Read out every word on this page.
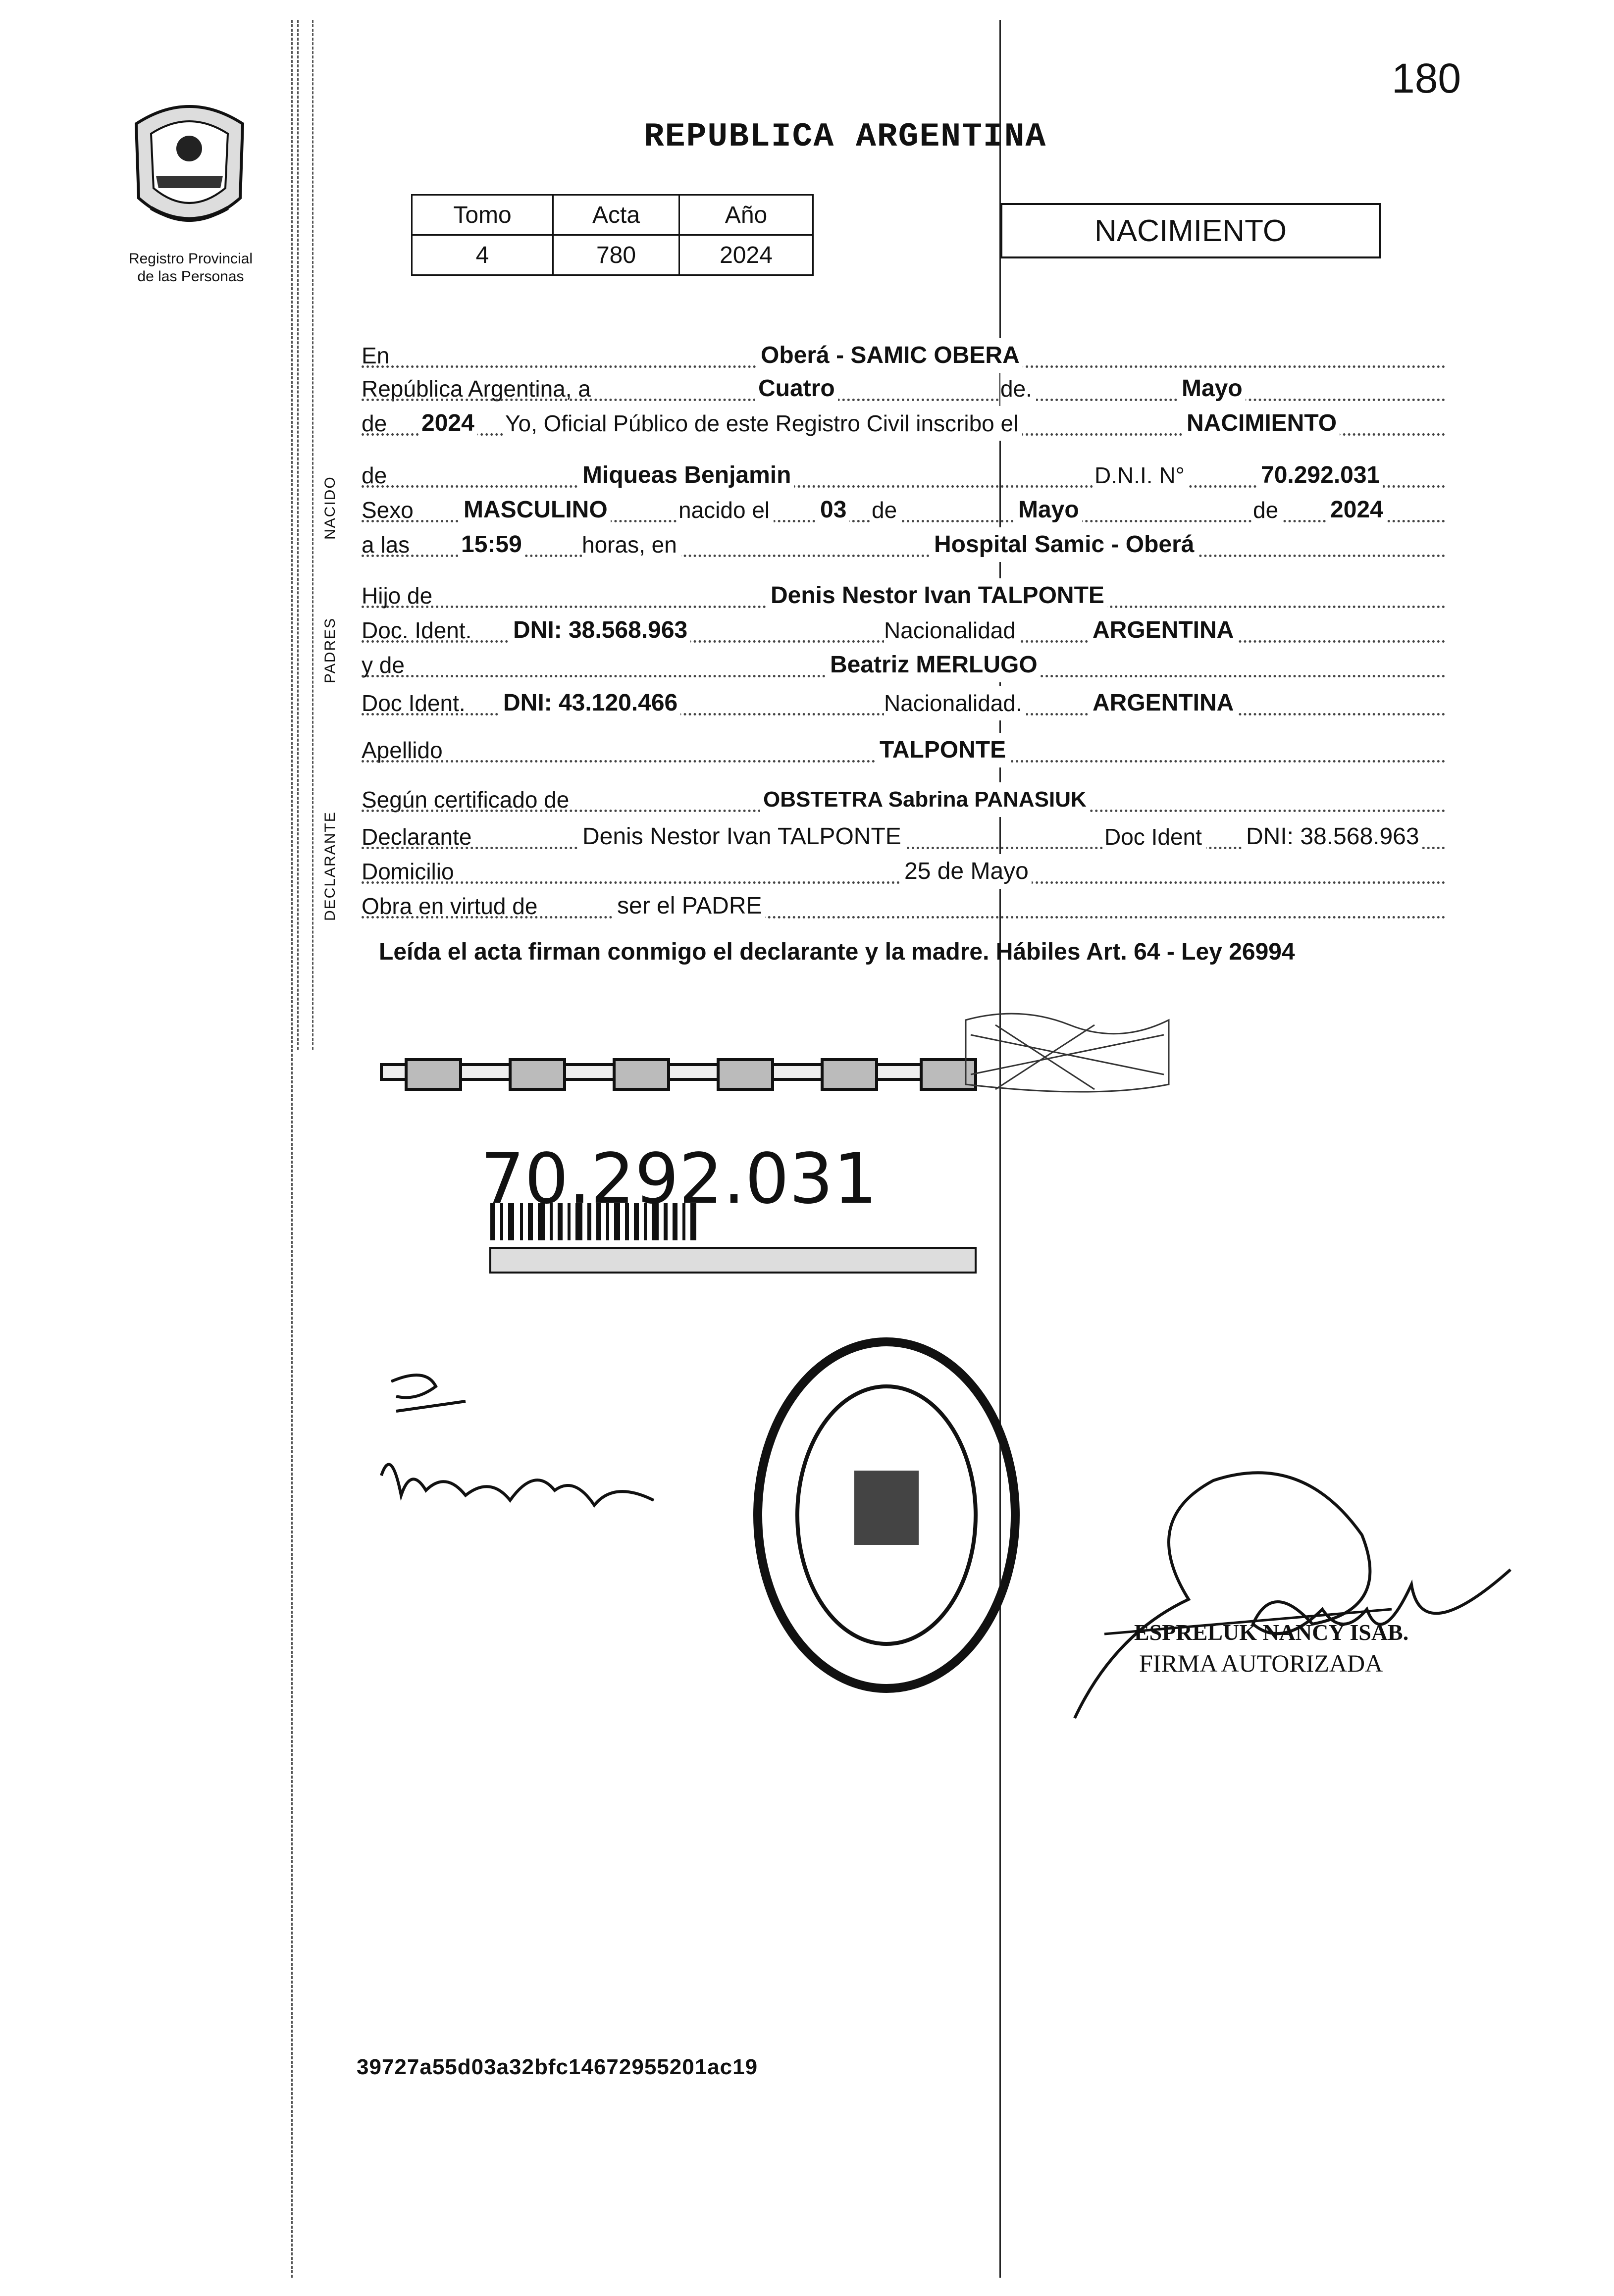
180
REPUBLICA ARGENTINA
Registro Provincial
de las Personas
NACIDO
PADRES
DECLARANTE
Tomo	Acta	Año
4	780	2024
NACIMIENTO
En	Oberá - SAMIC OBERA
República Argentina, a	Cuatro	de.	Mayo
de 2024 Yo, Oficial Público de este Registro Civil inscribo el	NACIMIENTO
de	Miqueas Benjamin	D.N.I. N°	70.292.031
Sexo MASCULINO	nacido el 03 de	Mayo	de 2024
a las 15:59	horas, en	Hospital Samic - Oberá
Hijo de	Denis Nestor Ivan TALPONTE
Doc. Ident. DNI: 38.568.963	Nacionalidad	ARGENTINA
y de	Beatriz MERLUGO
Doc Ident. DNI: 43.120.466	Nacionalidad.	ARGENTINA
Apellido	TALPONTE
Según certificado de	OBSTETRA Sabrina PANASIUK
Declarante	Denis Nestor Ivan TALPONTE	Doc Ident DNI: 38.568.963
Domicilio	25 de Mayo
Obra en virtud de	ser el PADRE
Leída el acta firman conmigo el declarante y la madre. Hábiles Art. 64 - Ley 26994
70.292.031
ESPRELUK NANCY ISAB.
FIRMA AUTORIZADA
39727a55d03a32bfc14672955201ac19
